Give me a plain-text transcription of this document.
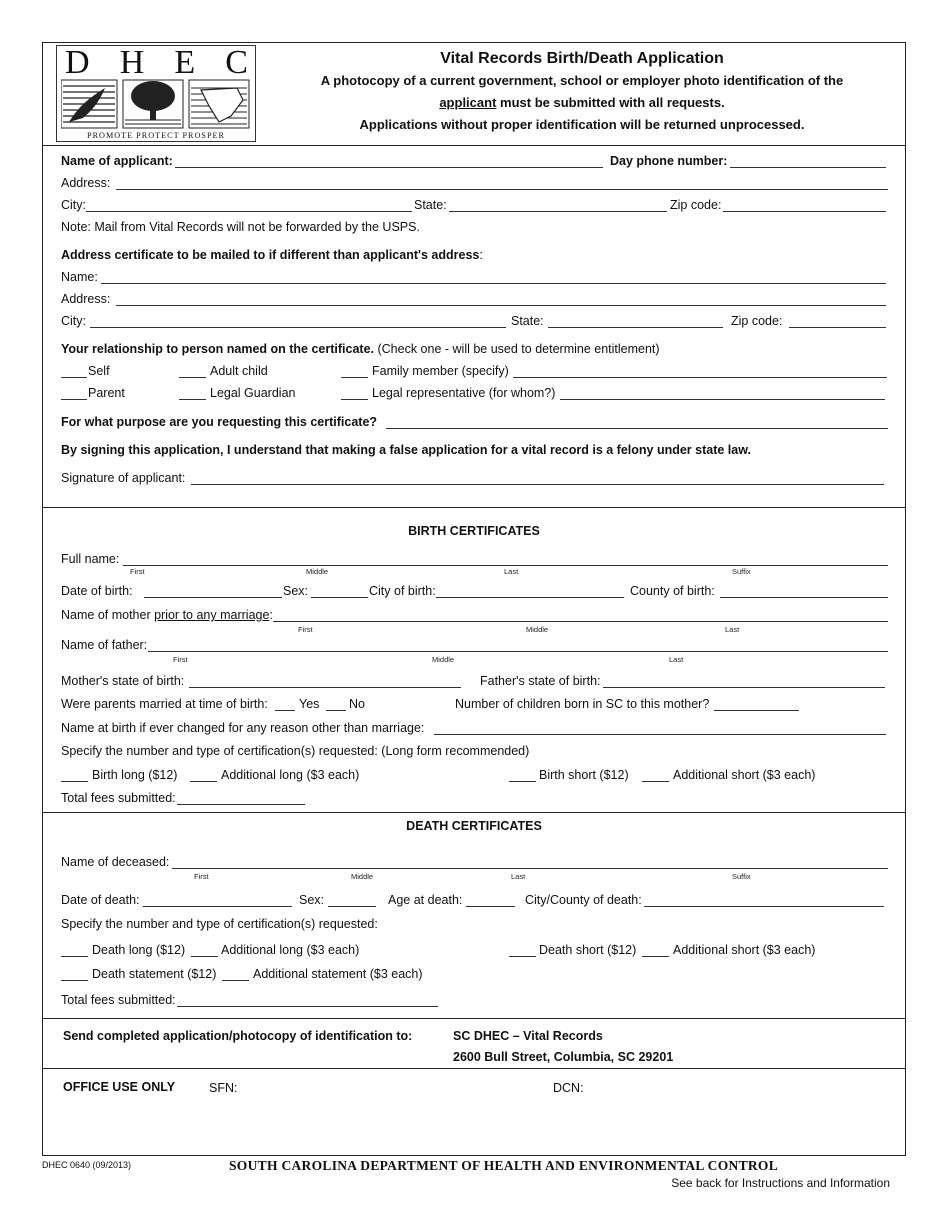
D H E C
PROMOTE PROTECT PROSPER
Vital Records Birth/Death Application
A photocopy of a current government, school or employer photo identification of the
applicant must be submitted with all requests.
Applications without proper identification will be returned unprocessed.
Name of applicant:	Day phone number:
Address:
City:	State:	Zip code:
Note: Mail from Vital Records will not be forwarded by the USPS.
Address certificate to be mailed to if different than applicant's address:
Name:
Address:
City:	State:	Zip code:
Your relationship to person named on the certificate. (Check one - will be used to determine entitlement)
Self	Adult child	Family member (specify)
Parent	Legal Guardian	Legal representative (for whom?)
For what purpose are you requesting this certificate?
By signing this application, I understand that making a false application for a vital record is a felony under state law.
Signature of applicant:
BIRTH CERTIFICATES
Full name:
First	Middle	Last	Suffix
Date of birth:	Sex:	City of birth:	County of birth:
Name of mother prior to any marriage:
First	Middle	Last
Name of father:
First	Middle	Last
Mother's state of birth:	Father's state of birth:
Were parents married at time of birth: Yes No	Number of children born in SC to this mother?
Name at birth if ever changed for any reason other than marriage:
Specify the number and type of certification(s) requested: (Long form recommended)
Birth long ($12)	Additional long ($3 each)	Birth short ($12)	Additional short ($3 each)
Total fees submitted:
DEATH CERTIFICATES
Name of deceased:
First	Middle	Last	Suffix
Date of death:	Sex:	Age at death:	City/County of death:
Specify the number and type of certification(s) requested:
Death long ($12)	Additional long ($3 each)	Death short ($12)	Additional short ($3 each)
Death statement ($12)	Additional statement ($3 each)
Total fees submitted:
Send completed application/photocopy of identification to:	SC DHEC – Vital Records
2600 Bull Street, Columbia, SC 29201
OFFICE USE ONLY	SFN:	DCN:
DHEC 0640 (09/2013)	SOUTH CAROLINA DEPARTMENT OF HEALTH AND ENVIRONMENTAL CONTROL
See back for Instructions and Information
